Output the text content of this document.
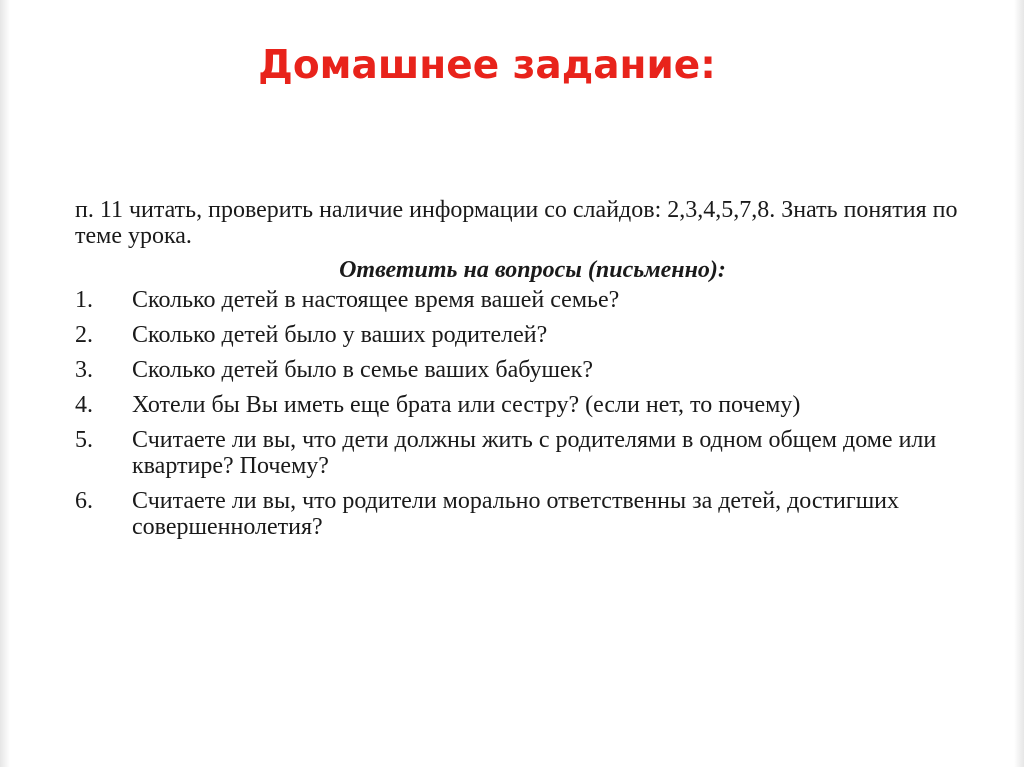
Домашнее задание:

п. 11 читать, проверить наличие информации со слайдов: 2,3,4,5,7,8. Знать понятия по теме урока.

Ответить на вопросы (письменно):

1.	Сколько детей в настоящее время вашей семье?
2.	Сколько детей было у ваших родителей?
3.	Сколько детей было в семье ваших бабушек?
4.	Хотели бы Вы иметь еще брата или сестру? (если нет, то почему)
5.	Считаете ли вы, что дети должны жить с родителями в одном общем доме или квартире? Почему?
6.	Считаете ли вы, что родители морально ответственны за детей, достигших совершеннолетия?
